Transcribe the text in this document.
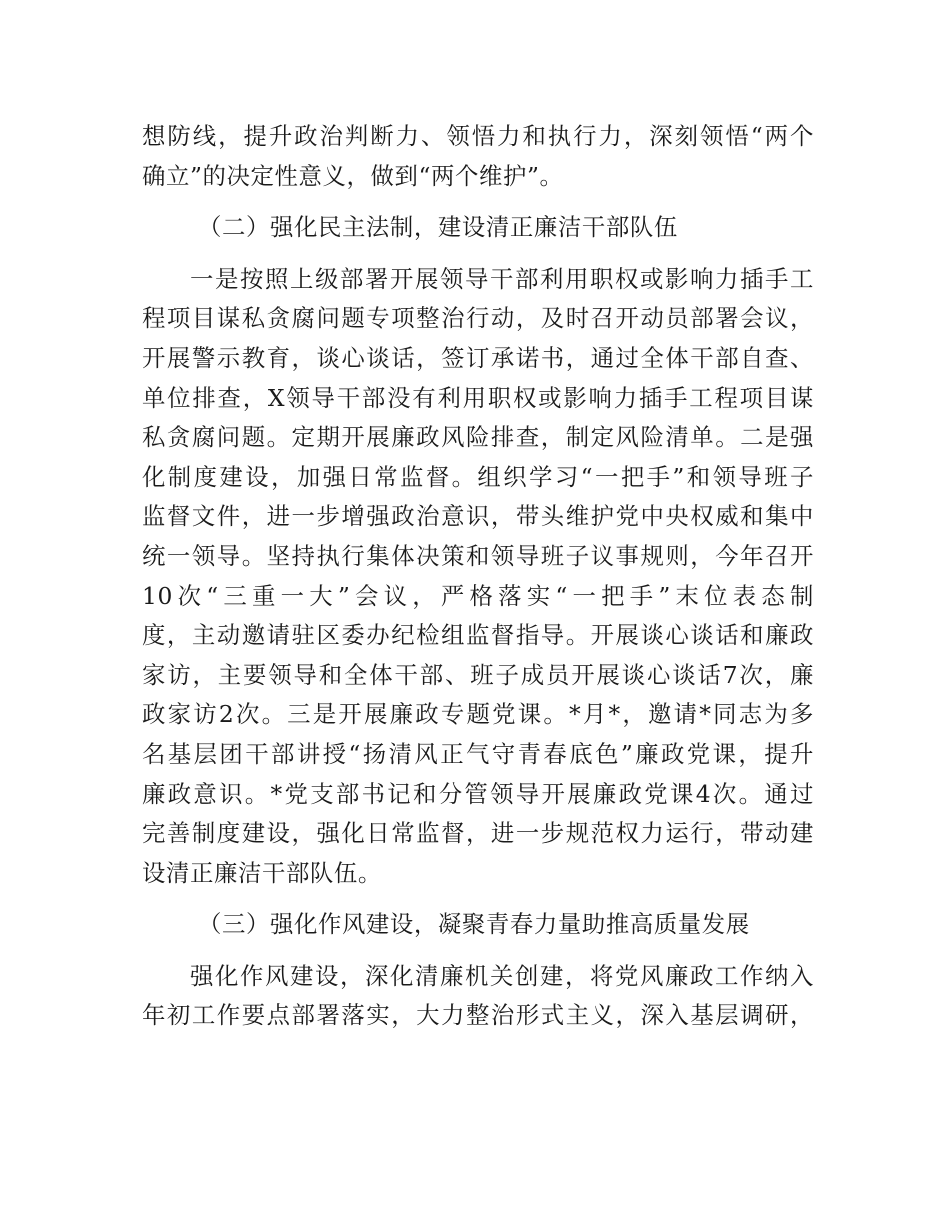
想防线，提升政治判断力、领悟力和执行力，深刻领悟“两个
确立”的决定性意义，做到“两个维护”。
（二）强化民主法制，建设清正廉洁干部队伍
一是按照上级部署开展领导干部利用职权或影响力插手工
程项目谋私贪腐问题专项整治行动，及时召开动员部署会议，
开展警示教育，谈心谈话，签订承诺书，通过全体干部自查、
单位排查，X领导干部没有利用职权或影响力插手工程项目谋
私贪腐问题。定期开展廉政风险排查，制定风险清单。二是强
化制度建设，加强日常监督。组织学习“一把手”和领导班子
监督文件，进一步增强政治意识，带头维护党中央权威和集中
统一领导。坚持执行集体决策和领导班子议事规则，今年召开
10次“三重一大”会议，严格落实“一把手”末位表态制
度，主动邀请驻区委办纪检组监督指导。开展谈心谈话和廉政
家访，主要领导和全体干部、班子成员开展谈心谈话7次，廉
政家访2次。三是开展廉政专题党课。*月*，邀请*同志为多
名基层团干部讲授“扬清风正气守青春底色”廉政党课，提升
廉政意识。*党支部书记和分管领导开展廉政党课4次。通过
完善制度建设，强化日常监督，进一步规范权力运行，带动建
设清正廉洁干部队伍。
（三）强化作风建设，凝聚青春力量助推高质量发展
强化作风建设，深化清廉机关创建，将党风廉政工作纳入
年初工作要点部署落实，大力整治形式主义，深入基层调研，
